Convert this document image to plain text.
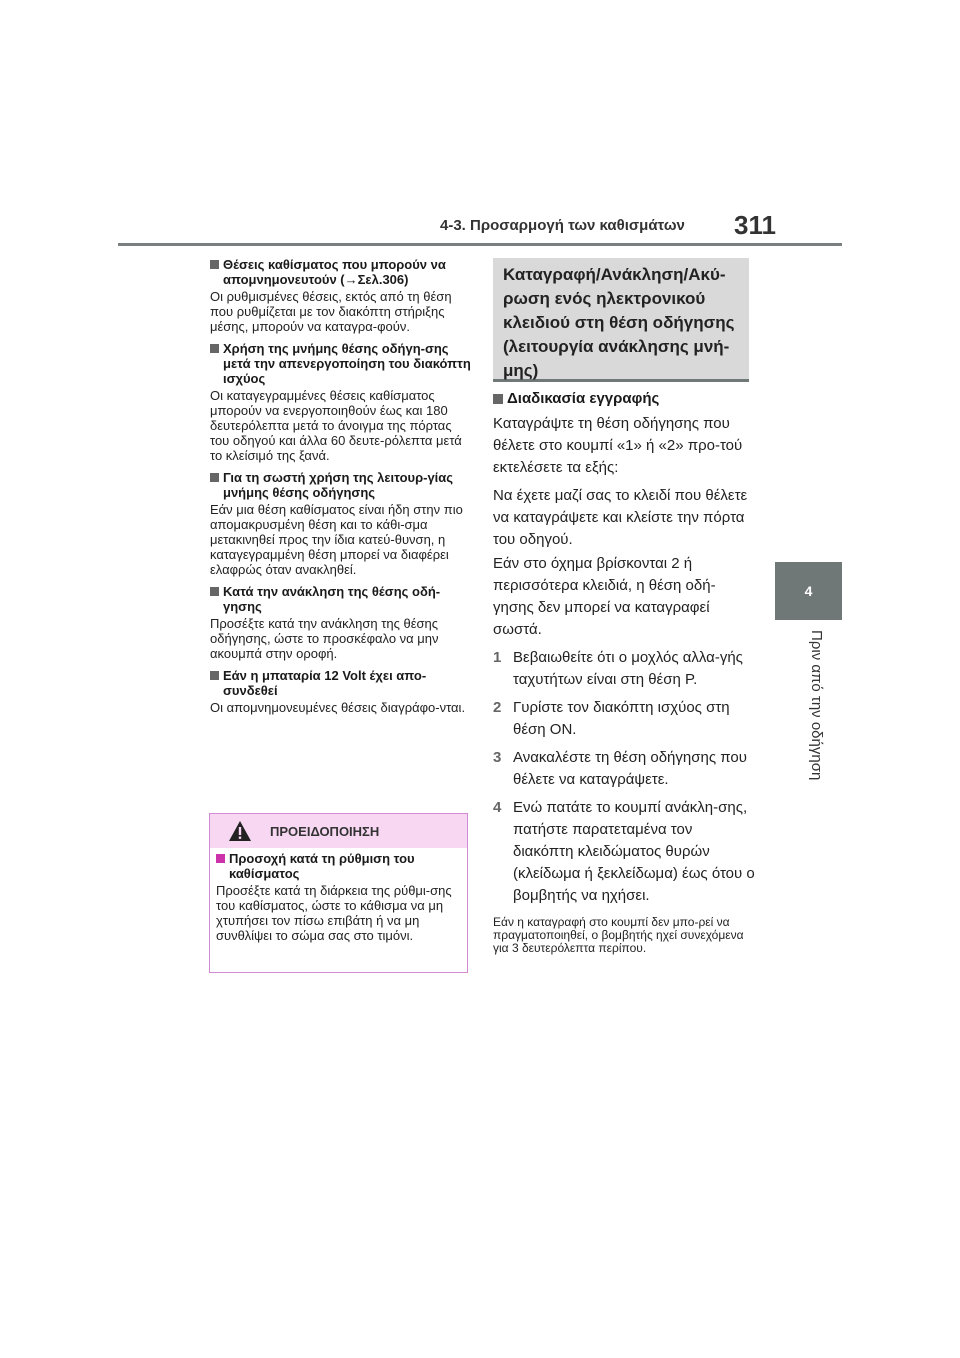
4-3. Προσαρμογή των καθισμάτων 311
4
Πριν από την οδήγηση
Θέσεις καθίσματος που μπορούν να απομνημονευτούν (→Σελ.306)
Οι ρυθμισμένες θέσεις, εκτός από τη θέση που ρυθμίζεται με τον διακόπτη στήριξης μέσης, μπορούν να καταγρα-φούν.
Χρήση της μνήμης θέσης οδήγη-σης μετά την απενεργοποίηση του διακόπτη ισχύος
Οι καταγεγραμμένες θέσεις καθίσματος μπορούν να ενεργοποιηθούν έως και 180 δευτερόλεπτα μετά το άνοιγμα της πόρτας του οδηγού και άλλα 60 δευτε-ρόλεπτα μετά το κλείσιμό της ξανά.
Για τη σωστή χρήση της λειτουρ-γίας μνήμης θέσης οδήγησης
Εάν μια θέση καθίσματος είναι ήδη στην πιο απομακρυσμένη θέση και το κάθι-σμα μετακινηθεί προς την ίδια κατεύ-θυνση, η καταγεγραμμένη θέση μπορεί να διαφέρει ελαφρώς όταν ανακληθεί.
Κατά την ανάκληση της θέσης οδή-γησης
Προσέξτε κατά την ανάκληση της θέσης οδήγησης, ώστε το προσκέφαλο να μην ακουμπά στην οροφή.
Εάν η μπαταρία 12 Volt έχει απο-συνδεθεί
Οι απομνημονευμένες θέσεις διαγράφο-νται.
ΠΡΟΕΙΔΟΠΟΙΗΣΗ
Προσοχή κατά τη ρύθμιση του καθίσματος
Προσέξτε κατά τη διάρκεια της ρύθμι-σης του καθίσματος, ώστε το κάθισμα να μη χτυπήσει τον πίσω επιβάτη ή να μη συνθλίψει το σώμα σας στο τιμόνι.
Καταγραφή/Ανάκληση/Ακύ-ρωση ενός ηλεκτρονικού κλειδιού στη θέση οδήγησης (λειτουργία ανάκλησης μνή-μης)
Διαδικασία εγγραφής
Καταγράψτε τη θέση οδήγησης που θέλετε στο κουμπί «1» ή «2» προ-τού εκτελέσετε τα εξής:
Να έχετε μαζί σας το κλειδί που θέλετε να καταγράψετε και κλείστε την πόρτα του οδηγού.
Εάν στο όχημα βρίσκονται 2 ή περισσότερα κλειδιά, η θέση οδή-γησης δεν μπορεί να καταγραφεί σωστά.
1 Βεβαιωθείτε ότι ο μοχλός αλλα-γής ταχυτήτων είναι στη θέση P.
2 Γυρίστε τον διακόπτη ισχύος στη θέση ON.
3 Ανακαλέστε τη θέση οδήγησης που θέλετε να καταγράψετε.
4 Ενώ πατάτε το κουμπί ανάκλη-σης, πατήστε παρατεταμένα τον διακόπτη κλειδώματος θυρών (κλείδωμα ή ξεκλείδωμα) έως ότου ο βομβητής να ηχήσει.
Εάν η καταγραφή στο κουμπί δεν μπο-ρεί να πραγματοποιηθεί, ο βομβητής ηχεί συνεχόμενα για 3 δευτερόλεπτα περίπου.
